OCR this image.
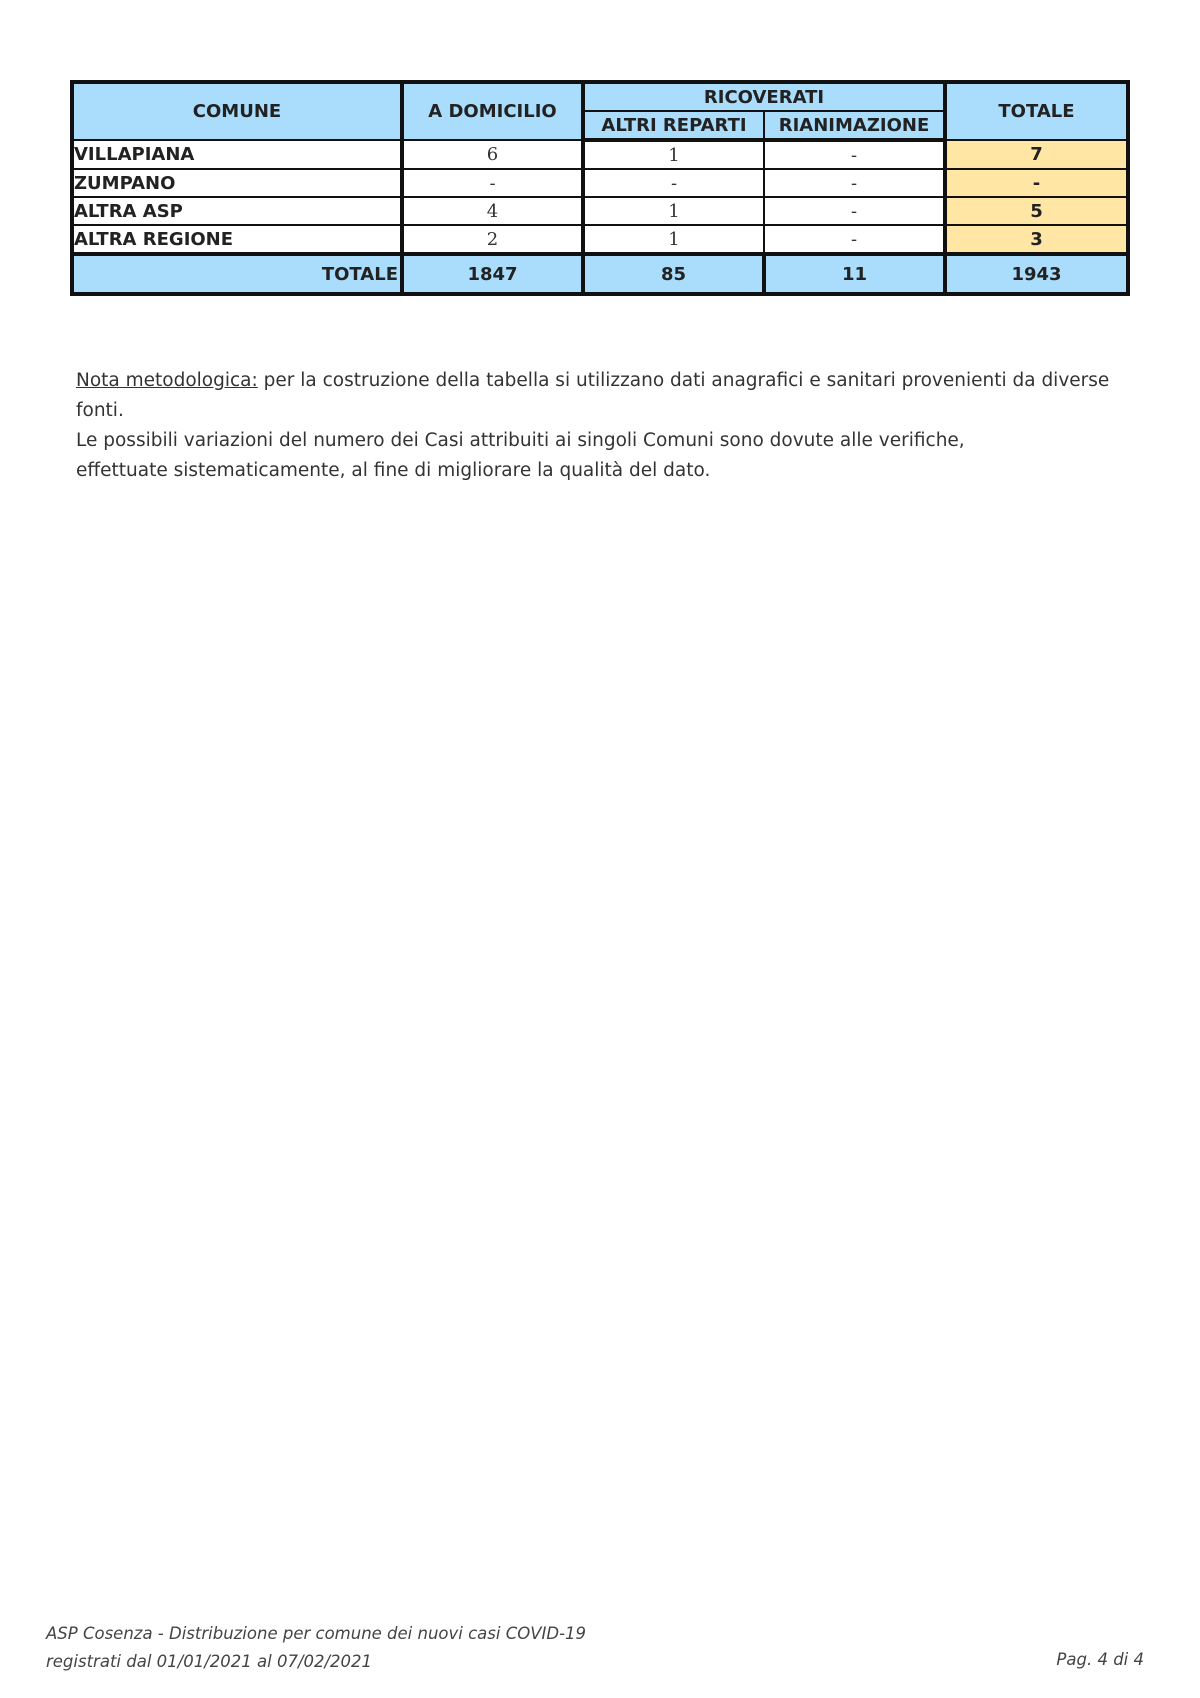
COMUNE	A DOMICILIO	RICOVERATI		TOTALE
		ALTRI REPARTI	RIANIMAZIONE	
VILLAPIANA	6	1	-	7
ZUMPANO	-	-	-	-
ALTRA ASP	4	1	-	5
ALTRA REGIONE	2	1	-	3
TOTALE	1847	85	11	1943
Nota metodologica: per la costruzione della tabella si utilizzano dati anagrafici e sanitari provenienti da diverse fonti.
Le possibili variazioni del numero dei Casi attribuiti ai singoli Comuni sono dovute alle verifiche,
effettuate sistematicamente, al fine di migliorare la qualità del dato.
ASP Cosenza - Distribuzione per comune dei nuovi casi COVID-19
registrati dal 01/01/2021 al 07/02/2021	Pag. 4 di 4
